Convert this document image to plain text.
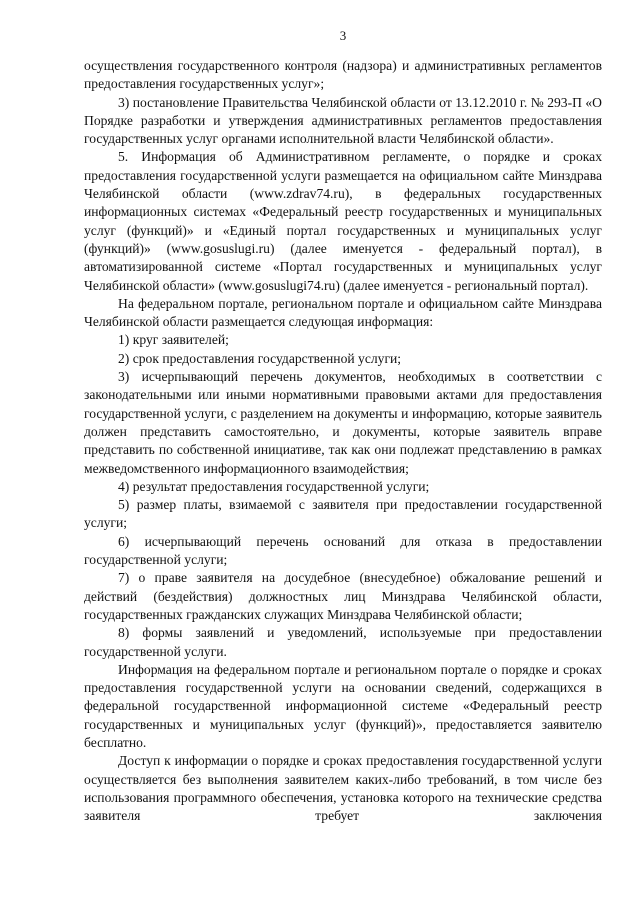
3

осуществления государственного контроля (надзора) и административных регламентов предоставления государственных услуг»;

3) постановление Правительства Челябинской области от 13.12.2010 г. № 293-П «О Порядке разработки и утверждения административных регламентов предоставления государственных услуг органами исполнительной власти Челябинской области».

5. Информация об Административном регламенте, о порядке и сроках предоставления государственной услуги размещается на официальном сайте Минздрава Челябинской области (www.zdrav74.ru), в федеральных государственных информационных системах «Федеральный реестр государственных и муниципальных услуг (функций)» и «Единый портал государственных и муниципальных услуг (функций)» (www.gosuslugi.ru) (далее именуется - федеральный портал), в автоматизированной системе «Портал государственных и муниципальных услуг Челябинской области» (www.gosuslugi74.ru) (далее именуется - региональный портал).

На федеральном портале, региональном портале и официальном сайте Минздрава Челябинской области размещается следующая информация:

1) круг заявителей;

2) срок предоставления государственной услуги;

3) исчерпывающий перечень документов, необходимых в соответствии с законодательными или иными нормативными правовыми актами для предоставления государственной услуги, с разделением на документы и информацию, которые заявитель должен представить самостоятельно, и документы, которые заявитель вправе представить по собственной инициативе, так как они подлежат представлению в рамках межведомственного информационного взаимодействия;

4) результат предоставления государственной услуги;

5) размер платы, взимаемой с заявителя при предоставлении государственной услуги;

6) исчерпывающий перечень оснований для отказа в предоставлении государственной услуги;

7) о праве заявителя на досудебное (внесудебное) обжалование решений и действий (бездействия) должностных лиц Минздрава Челябинской области, государственных гражданских служащих Минздрава Челябинской области;

8) формы заявлений и уведомлений, используемые при предоставлении государственной услуги.

Информация на федеральном портале и региональном портале о порядке и сроках предоставления государственной услуги на основании сведений, содержащихся в федеральной государственной информационной системе «Федеральный реестр государственных и муниципальных услуг (функций)», предоставляется заявителю бесплатно.

Доступ к информации о порядке и сроках предоставления государственной услуги осуществляется без выполнения заявителем каких-либо требований, в том числе без использования программного обеспечения, установка которого на технические средства заявителя требует заключения
